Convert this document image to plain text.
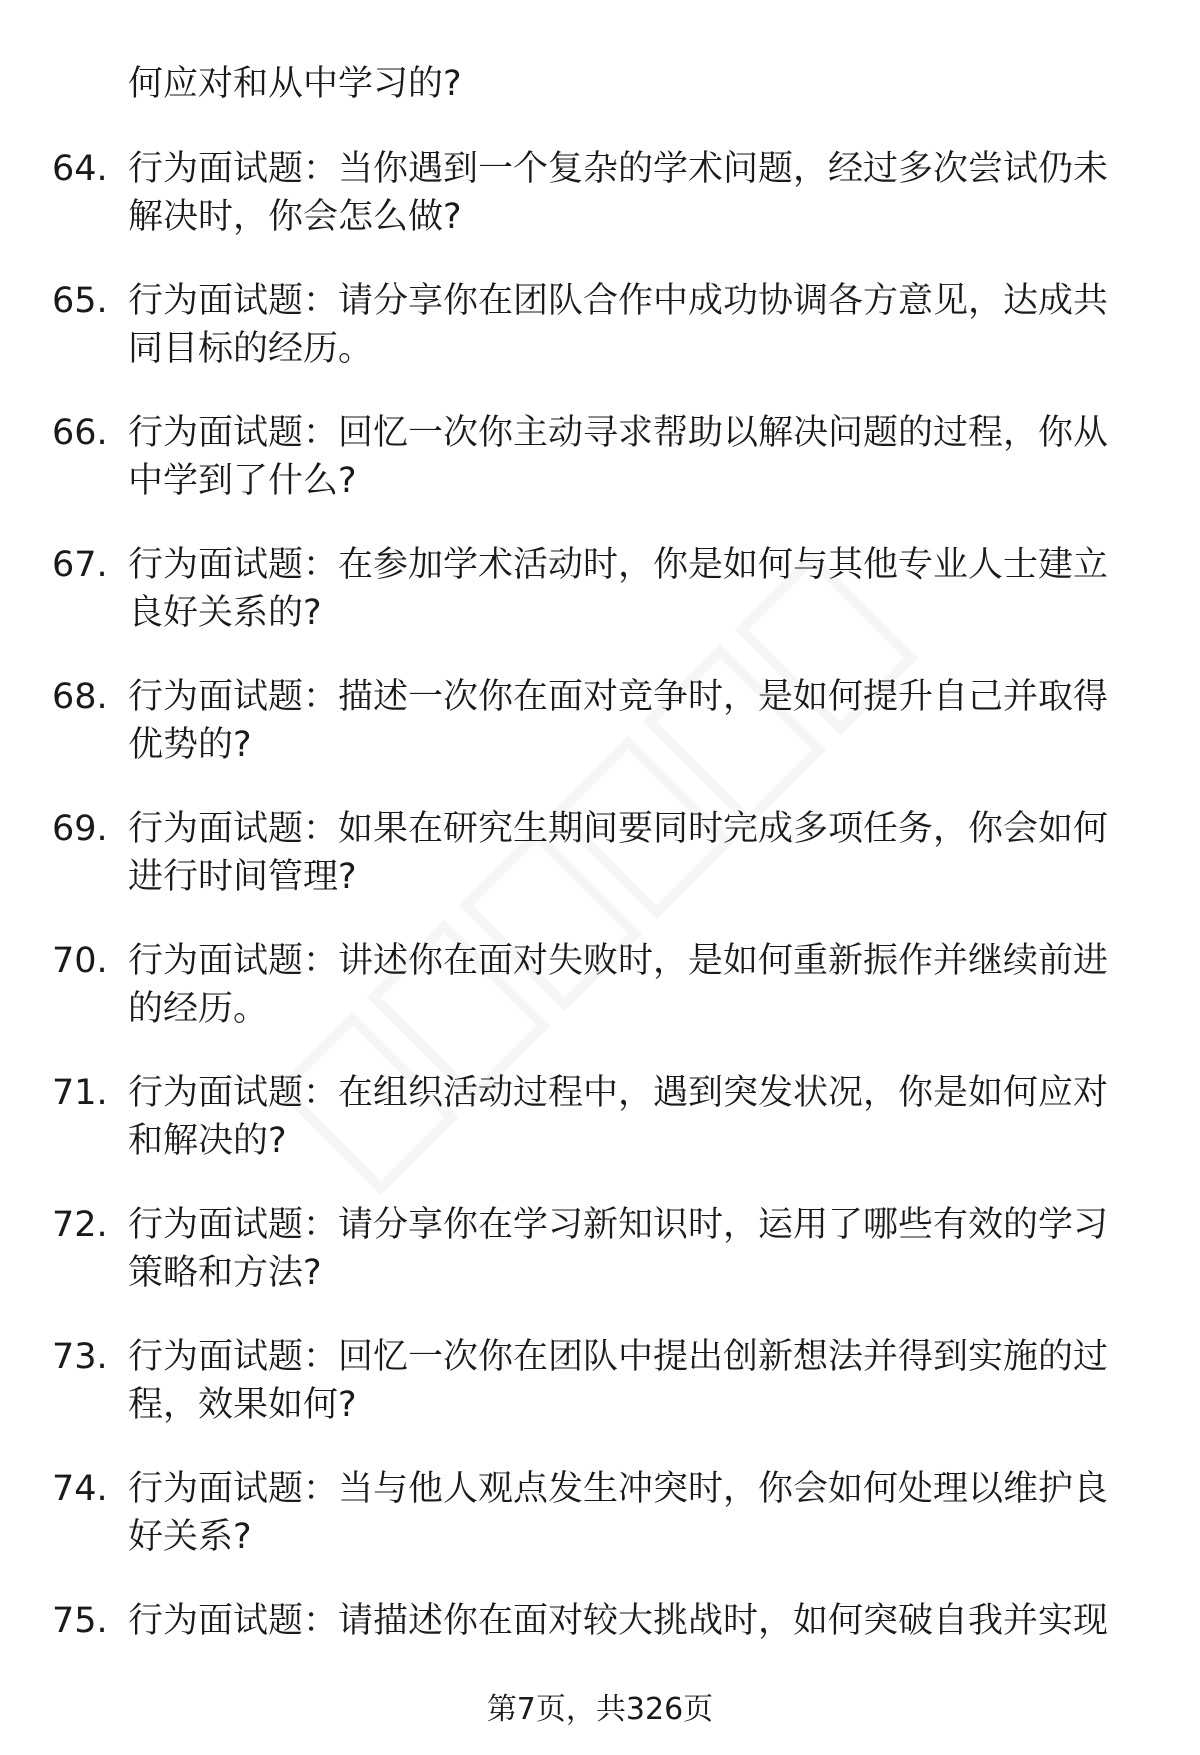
何应对和从中学习的?
64. 行为面试题：当你遇到一个复杂的学术问题，经过多次尝试仍未解决时，你会怎么做?
65. 行为面试题：请分享你在团队合作中成功协调各方意见，达成共同目标的经历。
66. 行为面试题：回忆一次你主动寻求帮助以解决问题的过程，你从中学到了什么?
67. 行为面试题：在参加学术活动时，你是如何与其他专业人士建立良好关系的?
68. 行为面试题：描述一次你在面对竞争时，是如何提升自己并取得优势的?
69. 行为面试题：如果在研究生期间要同时完成多项任务，你会如何进行时间管理?
70. 行为面试题：讲述你在面对失败时，是如何重新振作并继续前进的经历。
71. 行为面试题：在组织活动过程中，遇到突发状况，你是如何应对和解决的?
72. 行为面试题：请分享你在学习新知识时，运用了哪些有效的学习策略和方法?
73. 行为面试题：回忆一次你在团队中提出创新想法并得到实施的过程，效果如何?
74. 行为面试题：当与他人观点发生冲突时，你会如何处理以维护良好关系?
75. 行为面试题：请描述你在面对较大挑战时，如何突破自我并实现
第7页，共326页
